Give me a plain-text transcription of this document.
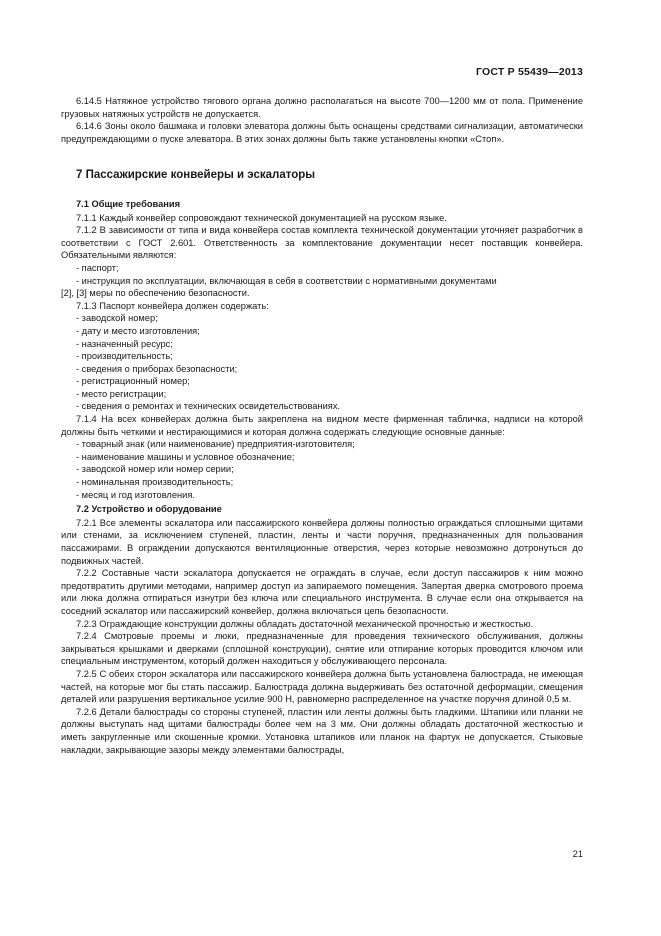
ГОСТ Р 55439—2013

6.14.5 Натяжное устройство тягового органа должно располагаться на высоте 700—1200 мм от пола. Применение грузовых натяжных устройств не допускается.

6.14.6 Зоны около башмака и головки элеватора должны быть оснащены средствами сигнализации, автоматически предупреждающими о пуске элеватора. В этих зонах должны быть также установлены кнопки «Стоп».

7 Пассажирские конвейеры и эскалаторы
7.1 Общие требования

7.1.1 Каждый конвейер сопровождают технической документацией на русском языке.

7.1.2 В зависимости от типа и вида конвейера состав комплекта технической документации уточняет разработчик в соответствии с ГОСТ 2.601. Ответственность за комплектование документации несет поставщик конвейера. Обязательными являются:

- паспорт;

- инструкция по эксплуатации, включающая в себя в соответствии с нормативными документами

[2], [3] меры по обеспечению безопасности.

7.1.3 Паспорт конвейера должен содержать:

- заводской номер;

- дату и место изготовления;

- назначенный ресурс;

- производительность;

- сведения о приборах безопасности;

- регистрационный номер;

- место регистрации;

- сведения о ремонтах и технических освидетельствованиях.

7.1.4 На всех конвейерах должна быть закреплена на видном месте фирменная табличка, надписи на которой должны быть четкими и нестирающимися и которая должна содержать следующие основные данные:

- товарный знак (или наименование) предприятия-изготовителя;

- наименование машины и условное обозначение;

- заводской номер или номер серии;

- номинальная производительность;

- месяц и год изготовления.

7.2 Устройство и оборудование

7.2.1 Все элементы эскалатора или пассажирского конвейера должны полностью ограждаться сплошными щитами или стенами, за исключением ступеней, пластин, ленты и части поручня, предназначенных для пользования пассажирами. В ограждении допускаются вентиляционные отверстия, через которые невозможно дотронуться до подвижных частей.

7.2.2 Составные части эскалатора допускается не ограждать в случае, если доступ пассажиров к ним можно предотвратить другими методами, например доступ из запираемого помещения. Запертая дверка смотрового проема или люка должна отпираться изнутри без ключа или специального инструмента. В случае если она открывается на соседний эскалатор или пассажирский конвейер, должна включаться цепь безопасности.

7.2.3 Ограждающие конструкции должны обладать достаточной механической прочностью и жесткостью.

7.2.4 Смотровые проемы и люки, предназначенные для проведения технического обслуживания, должны закрываться крышками и дверками (сплошной конструкции), снятие или отпирание которых проводится ключом или специальным инструментом, который должен находиться у обслуживающего персонала.

7.2.5 С обеих сторон эскалатора или пассажирского конвейера должна быть установлена балюстрада, не имеющая частей, на которые мог бы стать пассажир. Балюстрада должна выдерживать без остаточной деформации, смещения деталей или разрушения вертикальное усилие 900 Н, равномерно распределенное на участке поручня длиной 0,5 м.

7.2.6 Детали балюстрады со стороны ступеней, пластин или ленты должны быть гладкими. Штапики или планки не должны выступать над щитами балюстрады более чем на 3 мм. Они должны обладать достаточной жесткостью и иметь закругленные или скошенные кромки. Установка штапиков или планок на фартук не допускается. Стыковые накладки, закрывающие зазоры между элементами балюстрады,

21
